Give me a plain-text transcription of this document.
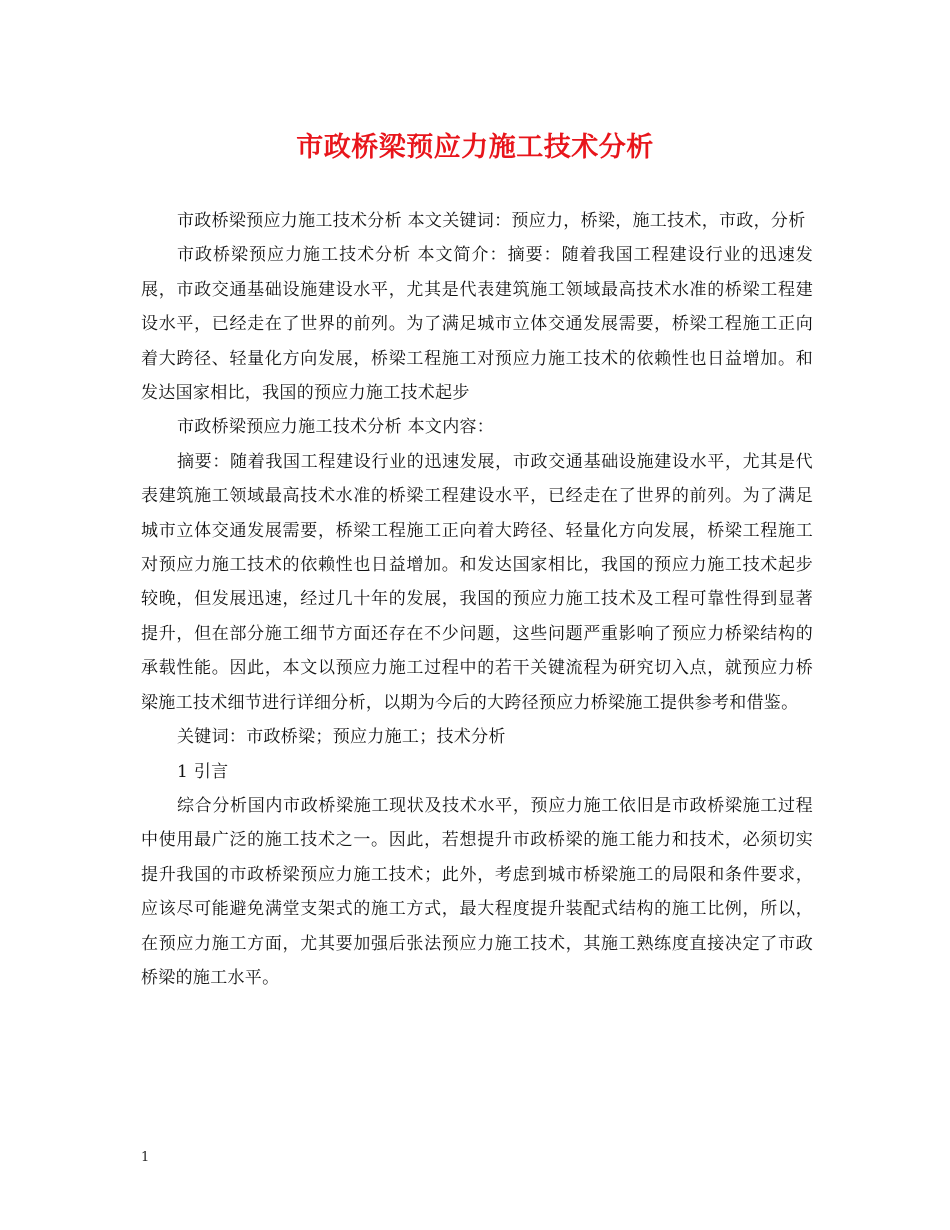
市政桥梁预应力施工技术分析

市政桥梁预应力施工技术分析 本文关键词：预应力，桥梁，施工技术，市政，分析

市政桥梁预应力施工技术分析 本文简介：摘要：随着我国工程建设行业的迅速发展，市政交通基础设施建设水平，尤其是代表建筑施工领域最高技术水准的桥梁工程建设水平，已经走在了世界的前列。为了满足城市立体交通发展需要，桥梁工程施工正向着大跨径、轻量化方向发展，桥梁工程施工对预应力施工技术的依赖性也日益增加。和发达国家相比，我国的预应力施工技术起步

市政桥梁预应力施工技术分析 本文内容：

摘要：随着我国工程建设行业的迅速发展，市政交通基础设施建设水平，尤其是代表建筑施工领域最高技术水准的桥梁工程建设水平，已经走在了世界的前列。为了满足城市立体交通发展需要，桥梁工程施工正向着大跨径、轻量化方向发展，桥梁工程施工对预应力施工技术的依赖性也日益增加。和发达国家相比，我国的预应力施工技术起步较晚，但发展迅速，经过几十年的发展，我国的预应力施工技术及工程可靠性得到显著提升，但在部分施工细节方面还存在不少问题，这些问题严重影响了预应力桥梁结构的承载性能。因此，本文以预应力施工过程中的若干关键流程为研究切入点，就预应力桥梁施工技术细节进行详细分析，以期为今后的大跨径预应力桥梁施工提供参考和借鉴。

关键词：市政桥梁；预应力施工；技术分析

1 引言

综合分析国内市政桥梁施工现状及技术水平，预应力施工依旧是市政桥梁施工过程中使用最广泛的施工技术之一。因此，若想提升市政桥梁的施工能力和技术，必须切实提升我国的市政桥梁预应力施工技术；此外，考虑到城市桥梁施工的局限和条件要求，应该尽可能避免满堂支架式的施工方式，最大程度提升装配式结构的施工比例，所以，在预应力施工方面，尤其要加强后张法预应力施工技术，其施工熟练度直接决定了市政桥梁的施工水平。

1
